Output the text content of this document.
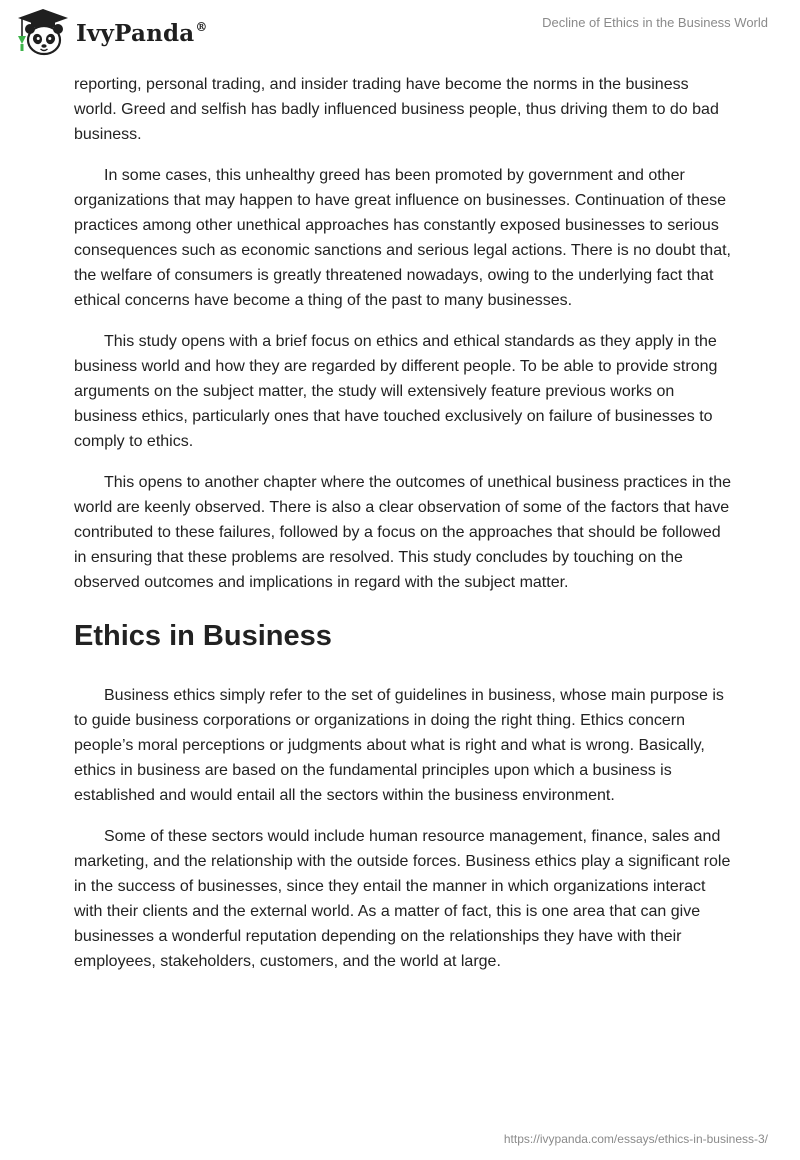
IvyPanda®	Decline of Ethics in the Business World

reporting, personal trading, and insider trading have become the norms in the business world. Greed and selfish has badly influenced business people, thus driving them to do bad business.

In some cases, this unhealthy greed has been promoted by government and other organizations that may happen to have great influence on businesses. Continuation of these practices among other unethical approaches has constantly exposed businesses to serious consequences such as economic sanctions and serious legal actions. There is no doubt that, the welfare of consumers is greatly threatened nowadays, owing to the underlying fact that ethical concerns have become a thing of the past to many businesses.

This study opens with a brief focus on ethics and ethical standards as they apply in the business world and how they are regarded by different people. To be able to provide strong arguments on the subject matter, the study will extensively feature previous works on business ethics, particularly ones that have touched exclusively on failure of businesses to comply to ethics.

This opens to another chapter where the outcomes of unethical business practices in the world are keenly observed. There is also a clear observation of some of the factors that have contributed to these failures, followed by a focus on the approaches that should be followed in ensuring that these problems are resolved. This study concludes by touching on the observed outcomes and implications in regard with the subject matter.

Ethics in Business

Business ethics simply refer to the set of guidelines in business, whose main purpose is to guide business corporations or organizations in doing the right thing. Ethics concern people’s moral perceptions or judgments about what is right and what is wrong. Basically, ethics in business are based on the fundamental principles upon which a business is established and would entail all the sectors within the business environment.

Some of these sectors would include human resource management, finance, sales and marketing, and the relationship with the outside forces. Business ethics play a significant role in the success of businesses, since they entail the manner in which organizations interact with their clients and the external world. As a matter of fact, this is one area that can give businesses a wonderful reputation depending on the relationships they have with their employees, stakeholders, customers, and the world at large.

https://ivypanda.com/essays/ethics-in-business-3/
